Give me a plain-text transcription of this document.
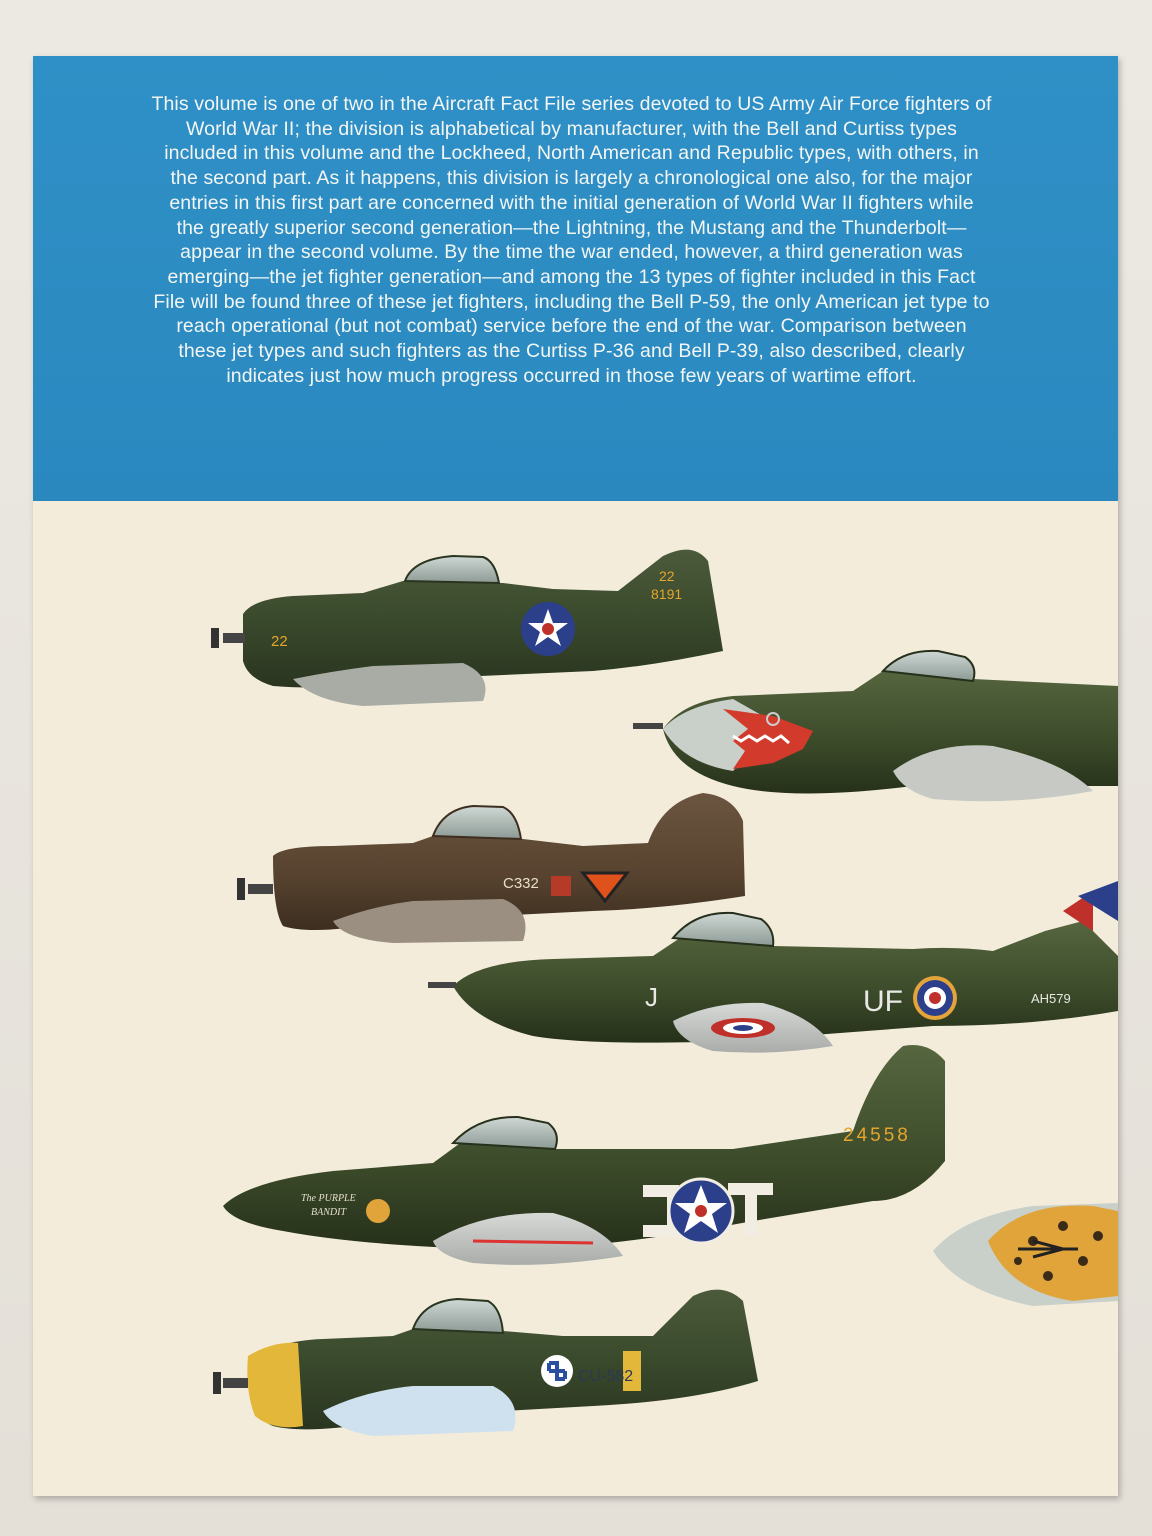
This volume is one of two in the Aircraft Fact File series devoted to US Army Air Force fighters of
World War II; the division is alphabetical by manufacturer, with the Bell and Curtiss types
included in this volume and the Lockheed, North American and Republic types, with others, in
the second part. As it happens, this division is largely a chronological one also, for the major
entries in this first part are concerned with the initial generation of World War II fighters while
the greatly superior second generation—the Lightning, the Mustang and the Thunderbolt—
appear in the second volume. By the time the war ended, however, a third generation was
emerging—the jet fighter generation—and among the 13 types of fighter included in this Fact
File will be found three of these jet fighters, including the Bell P-59, the only American jet type to
reach operational (but not combat) service before the end of the war. Comparison between
these jet types and such fighters as the Curtiss P-36 and Bell P-39, also described, clearly
indicates just how much progress occurred in those few years of wartime effort.
22
22
8191
C332
J	UF	AH579
The PURPLE
BANDIT
24558
CU-582
